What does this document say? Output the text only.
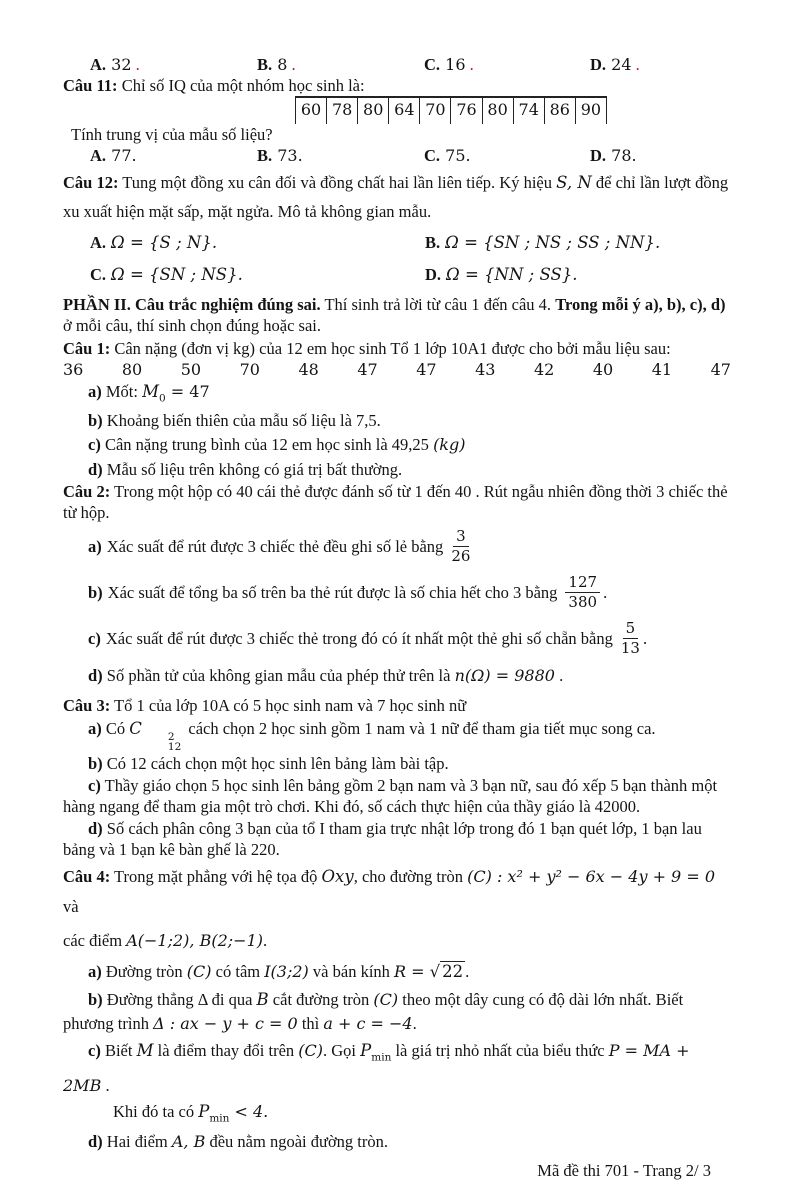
A. 32 .	B. 8 .	C. 16 .	D. 24 .

Câu 11: Chỉ số IQ của một nhóm học sinh là:

60 78 80 64 70 76 80 74 86 90

Tính trung vị của mẫu số liệu?

A. 77.	B. 73.	C. 75.	D. 78.

Câu 12: Tung một đồng xu cân đối và đồng chất hai lần liên tiếp. Ký hiệu S, N để chỉ lần lượt đồng xu xuất hiện mặt sấp, mặt ngửa. Mô tả không gian mẫu.

A. Ω = {S ; N}.	B. Ω = {SN ; NS ; SS ; NN}.
C. Ω = {SN ; NS}.	D. Ω = {NN ; SS}.

PHẦN II. Câu trắc nghiệm đúng sai. Thí sinh trả lời từ câu 1 đến câu 4. Trong mỗi ý a), b), c), d) ở mỗi câu, thí sinh chọn đúng hoặc sai.

Câu 1: Cân nặng (đơn vị kg) của 12 em học sinh Tổ 1 lớp 10A1 được cho bởi mẫu liệu sau:

36 80 50 70 48 47 47 43 42 40 41 47

a) Mốt: $M_0 = 47$

b) Khoảng biến thiên của mẫu số liệu là 7,5.

c) Cân nặng trung bình của 12 em học sinh là 49,25 (kg)

d) Mẫu số liệu trên không có giá trị bất thường.

Câu 2: Trong một hộp có 40 cái thẻ được đánh số từ 1 đến 40 . Rút ngẫu nhiên đồng thời 3 chiếc thẻ từ hộp.

a) Xác suất để rút được 3 chiếc thẻ đều ghi số lẻ bằng $\frac{3}{26}$
b) Xác suất để tổng ba số trên ba thẻ rút được là số chia hết cho 3 bằng $\frac{127}{380}$ .
c) Xác suất để rút được 3 chiếc thẻ trong đó có ít nhất một thẻ ghi số chẵn bằng $\frac{5}{13}$ .

d) Số phần tử của không gian mẫu của phép thử trên là n(Ω) = 9880 .

Câu 3: Tổ 1 của lớp 10A có 5 học sinh nam và 7 học sinh nữ

a) Có C	2
12
cách chọn 2 học sinh gồm 1 nam và 1 nữ để tham gia tiết mục song ca.

b) Có 12 cách chọn một học sinh lên bảng làm bài tập.

c) Thầy giáo chọn 5 học sinh lên bảng gồm 2 bạn nam và 3 bạn nữ, sau đó xếp 5 bạn thành một hàng ngang để tham gia một trò chơi. Khi đó, số cách thực hiện của thầy giáo là 42000.

d) Số cách phân công 3 bạn của tổ I tham gia trực nhật lớp trong đó 1 bạn quét lớp, 1 bạn lau bảng và 1 bạn kê bàn ghế là 220.

Câu 4: Trong mặt phẳng với hệ tọa độ Oxy, cho đường tròn (C) : x² + y² − 6x − 4y + 9 = 0 và

các điểm A(−1;2), B(2;−1).

a) Đường tròn (C) có tâm I(3;2) và bán kính R = √ 22 .

b) Đường thẳng Δ đi qua B cắt đường tròn (C) theo một dây cung có độ dài lớn nhất. Biết phương trình Δ : ax − y + c = 0 thì a + c = −4.

c) Biết M là điểm thay đổi trên (C). Gọi $P_{min}$ là giá trị nhỏ nhất của biểu thức P = MA + 2MB .

Khi đó ta có $P_{min} < 4$.

d) Hai điểm A, B đều nằm ngoài đường tròn.

Mã đề thi 701 - Trang 2/ 3
